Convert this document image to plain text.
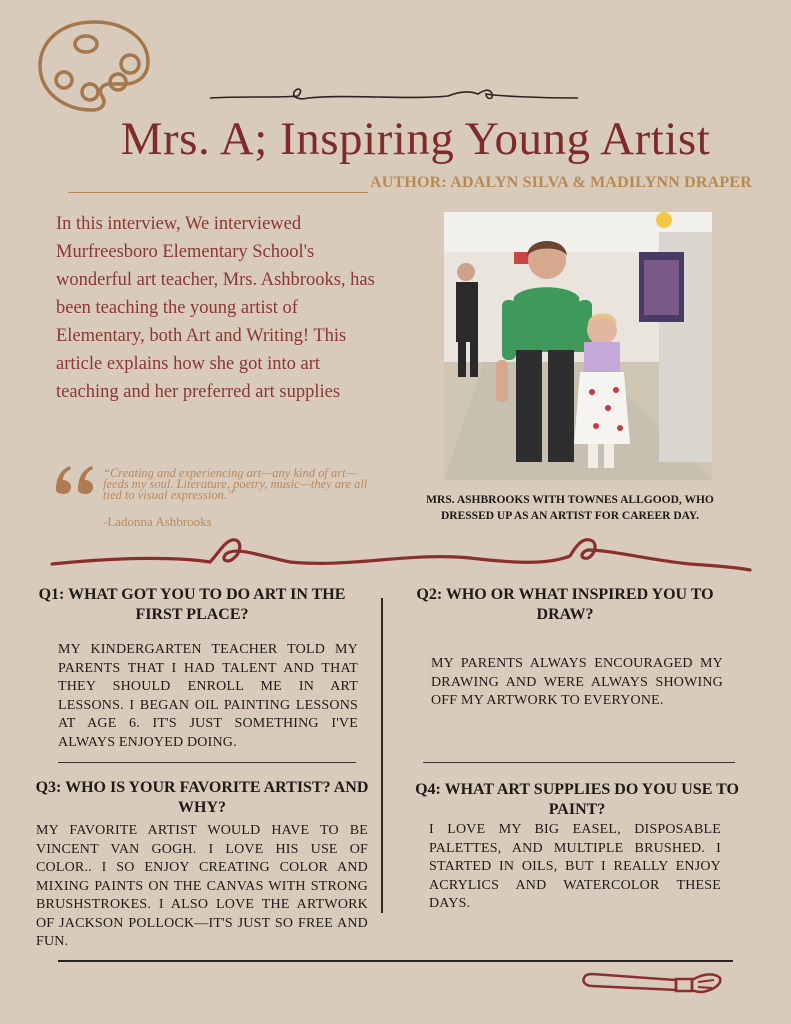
Mrs. A; Inspiring Young Artist
AUTHOR: ADALYN SILVA & MADILYNN DRAPER
In this interview, We interviewed Murfreesboro Elementary School's wonderful art teacher, Mrs. Ashbrooks, has been teaching the young artist of Elementary, both Art and Writing! This article explains how she got into art teaching and her preferred art supplies
MRS. ASHBROOKS WITH TOWNES ALLGOOD, WHO
DRESSED UP AS AN ARTIST FOR CAREER DAY.
“Creating and experiencing art—any kind of art—feeds my soul. Literature, poetry, music—they are all tied to visual expression.”
-Ladonna Ashbrooks
Q1: WHAT GOT YOU TO DO ART IN THE FIRST PLACE?
MY KINDERGARTEN TEACHER TOLD MY PARENTS THAT I HAD TALENT AND THAT THEY SHOULD ENROLL ME IN ART LESSONS. I BEGAN OIL PAINTING LESSONS AT AGE 6. IT'S JUST SOMETHING I'VE ALWAYS ENJOYED DOING.
Q2: WHO OR WHAT INSPIRED YOU TO DRAW?
MY PARENTS ALWAYS ENCOURAGED MY DRAWING AND WERE ALWAYS SHOWING OFF MY ARTWORK TO EVERYONE.
Q3: WHO IS YOUR FAVORITE ARTIST? AND WHY?
MY FAVORITE ARTIST WOULD HAVE TO BE VINCENT VAN GOGH. I LOVE HIS USE OF COLOR.. I SO ENJOY CREATING COLOR AND MIXING PAINTS ON THE CANVAS WITH STRONG BRUSHSTROKES. I ALSO LOVE THE ARTWORK OF JACKSON POLLOCK—IT'S JUST SO FREE AND FUN.
Q4: WHAT ART SUPPLIES DO YOU USE TO PAINT?
I LOVE MY BIG EASEL, DISPOSABLE PALETTES, AND MULTIPLE BRUSHED. I STARTED IN OILS, BUT I REALLY ENJOY ACRYLICS AND WATERCOLOR THESE DAYS.
